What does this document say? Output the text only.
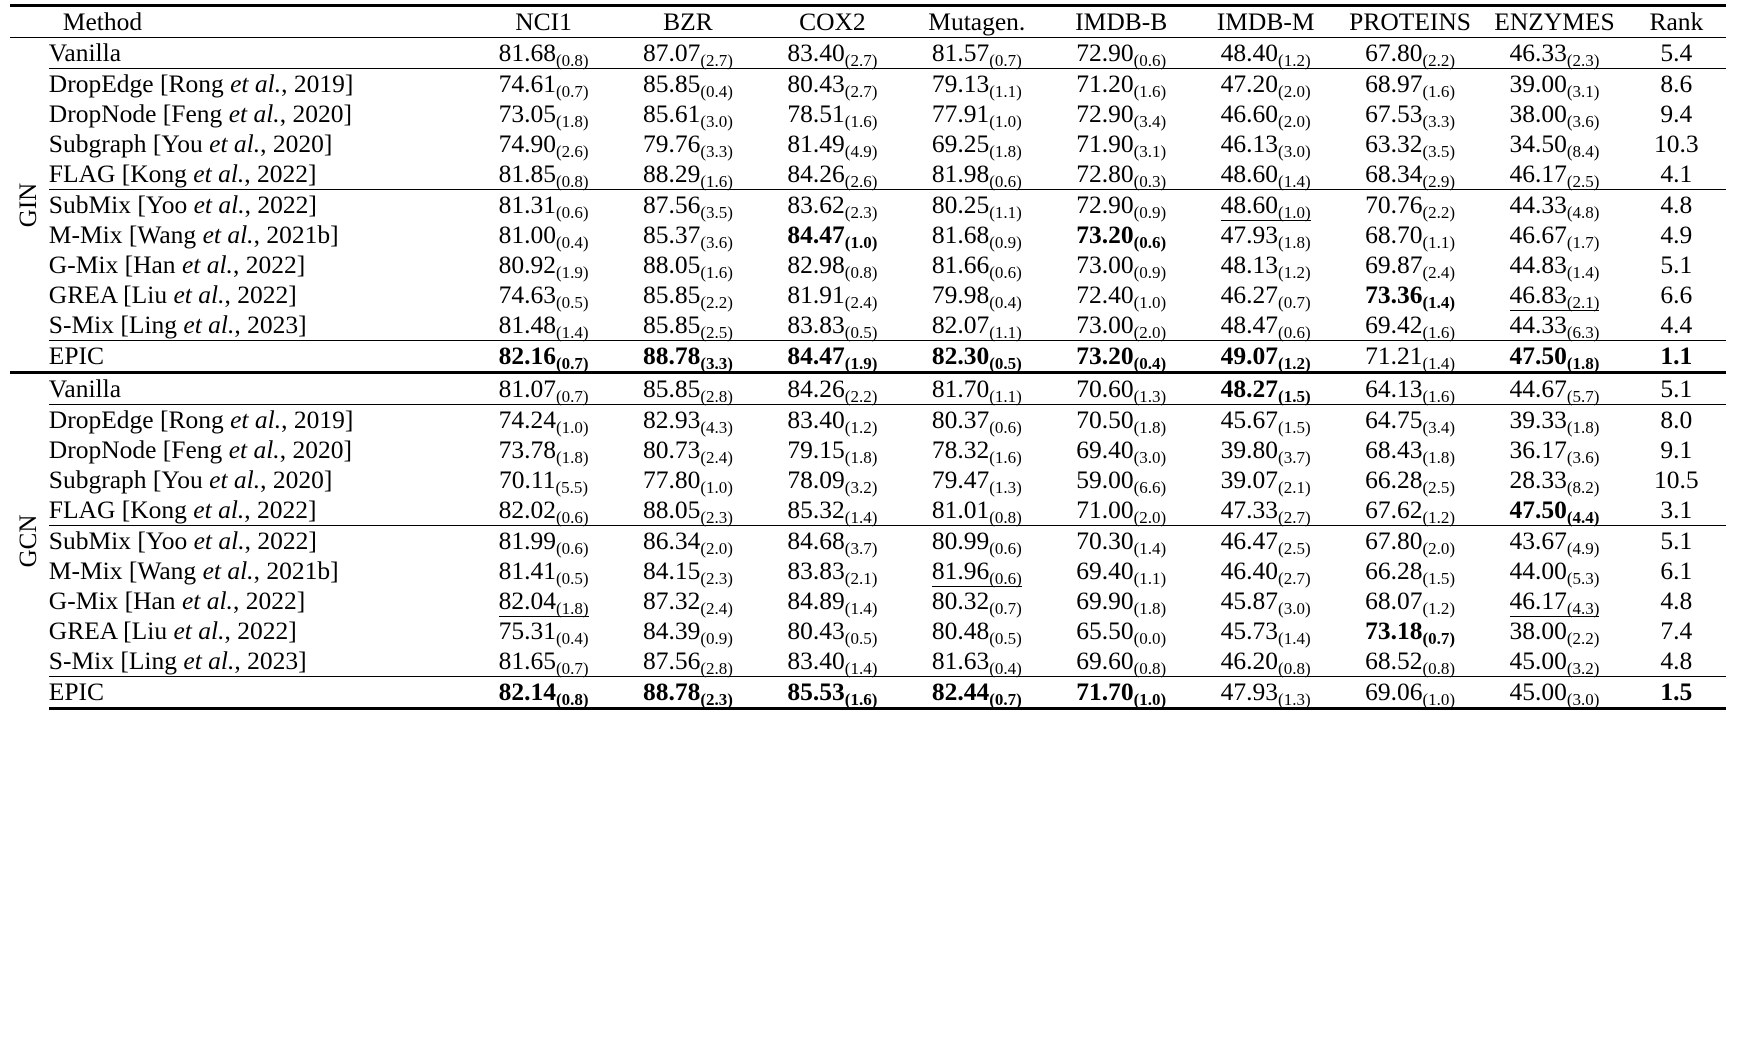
	Method	NCI1	BZR	COX2	Mutagen.	IMDB-B	IMDB-M	PROTEINS	ENZYMES	Rank

GIN	Vanilla	81.68(0.8)	87.07(2.7)	83.40(2.7)	81.57(0.7)	72.90(0.6)	48.40(1.2)	67.80(2.2)	46.33(2.3)	5.4
	DropEdge [Rong et al., 2019]	74.61(0.7)	85.85(0.4)	80.43(2.7)	79.13(1.1)	71.20(1.6)	47.20(2.0)	68.97(1.6)	39.00(3.1)	8.6
	DropNode [Feng et al., 2020]	73.05(1.8)	85.61(3.0)	78.51(1.6)	77.91(1.0)	72.90(3.4)	46.60(2.0)	67.53(3.3)	38.00(3.6)	9.4
	Subgraph [You et al., 2020]	74.90(2.6)	79.76(3.3)	81.49(4.9)	69.25(1.8)	71.90(3.1)	46.13(3.0)	63.32(3.5)	34.50(8.4)	10.3
	FLAG [Kong et al., 2022]	81.85(0.8)	88.29(1.6)	84.26(2.6)	81.98(0.6)	72.80(0.3)	48.60(1.4)	68.34(2.9)	46.17(2.5)	4.1
	SubMix [Yoo et al., 2022]	81.31(0.6)	87.56(3.5)	83.62(2.3)	80.25(1.1)	72.90(0.9)	48.60(1.0)	70.76(2.2)	44.33(4.8)	4.8
	M-Mix [Wang et al., 2021b]	81.00(0.4)	85.37(3.6)	84.47(1.0)	81.68(0.9)	73.20(0.6)	47.93(1.8)	68.70(1.1)	46.67(1.7)	4.9
	G-Mix [Han et al., 2022]	80.92(1.9)	88.05(1.6)	82.98(0.8)	81.66(0.6)	73.00(0.9)	48.13(1.2)	69.87(2.4)	44.83(1.4)	5.1
	GREA [Liu et al., 2022]	74.63(0.5)	85.85(2.2)	81.91(2.4)	79.98(0.4)	72.40(1.0)	46.27(0.7)	73.36(1.4)	46.83(2.1)	6.6
	S-Mix [Ling et al., 2023]	81.48(1.4)	85.85(2.5)	83.83(0.5)	82.07(1.1)	73.00(2.0)	48.47(0.6)	69.42(1.6)	44.33(6.3)	4.4
	EPIC	82.16(0.7)	88.78(3.3)	84.47(1.9)	82.30(0.5)	73.20(0.4)	49.07(1.2)	71.21(1.4)	47.50(1.8)	1.1

GCN	Vanilla	81.07(0.7)	85.85(2.8)	84.26(2.2)	81.70(1.1)	70.60(1.3)	48.27(1.5)	64.13(1.6)	44.67(5.7)	5.1
	DropEdge [Rong et al., 2019]	74.24(1.0)	82.93(4.3)	83.40(1.2)	80.37(0.6)	70.50(1.8)	45.67(1.5)	64.75(3.4)	39.33(1.8)	8.0
	DropNode [Feng et al., 2020]	73.78(1.8)	80.73(2.4)	79.15(1.8)	78.32(1.6)	69.40(3.0)	39.80(3.7)	68.43(1.8)	36.17(3.6)	9.1
	Subgraph [You et al., 2020]	70.11(5.5)	77.80(1.0)	78.09(3.2)	79.47(1.3)	59.00(6.6)	39.07(2.1)	66.28(2.5)	28.33(8.2)	10.5
	FLAG [Kong et al., 2022]	82.02(0.6)	88.05(2.3)	85.32(1.4)	81.01(0.8)	71.00(2.0)	47.33(2.7)	67.62(1.2)	47.50(4.4)	3.1
	SubMix [Yoo et al., 2022]	81.99(0.6)	86.34(2.0)	84.68(3.7)	80.99(0.6)	70.30(1.4)	46.47(2.5)	67.80(2.0)	43.67(4.9)	5.1
	M-Mix [Wang et al., 2021b]	81.41(0.5)	84.15(2.3)	83.83(2.1)	81.96(0.6)	69.40(1.1)	46.40(2.7)	66.28(1.5)	44.00(5.3)	6.1
	G-Mix [Han et al., 2022]	82.04(1.8)	87.32(2.4)	84.89(1.4)	80.32(0.7)	69.90(1.8)	45.87(3.0)	68.07(1.2)	46.17(4.3)	4.8
	GREA [Liu et al., 2022]	75.31(0.4)	84.39(0.9)	80.43(0.5)	80.48(0.5)	65.50(0.0)	45.73(1.4)	73.18(0.7)	38.00(2.2)	7.4
	S-Mix [Ling et al., 2023]	81.65(0.7)	87.56(2.8)	83.40(1.4)	81.63(0.4)	69.60(0.8)	46.20(0.8)	68.52(0.8)	45.00(3.2)	4.8
	EPIC	82.14(0.8)	88.78(2.3)	85.53(1.6)	82.44(0.7)	71.70(1.0)	47.93(1.3)	69.06(1.0)	45.00(3.0)	1.5
